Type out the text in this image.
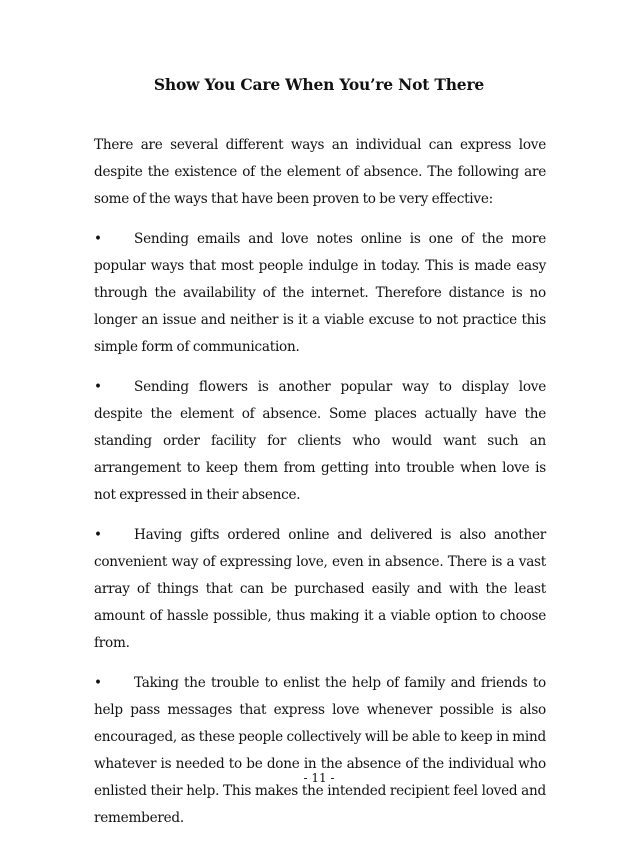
Show You Care When You’re Not There

There are several different ways an individual can express love despite the existence of the element of absence. The following are some of the ways that have been proven to be very effective:

• Sending emails and love notes online is one of the more popular ways that most people indulge in today. This is made easy through the availability of the internet. Therefore distance is no longer an issue and neither is it a viable excuse to not practice this simple form of communication.

• Sending flowers is another popular way to display love despite the element of absence. Some places actually have the standing order facility for clients who would want such an arrangement to keep them from getting into trouble when love is not expressed in their absence.

• Having gifts ordered online and delivered is also another convenient way of expressing love, even in absence. There is a vast array of things that can be purchased easily and with the least amount of hassle possible, thus making it a viable option to choose from.

• Taking the trouble to enlist the help of family and friends to help pass messages that express love whenever possible is also encouraged, as these people collectively will be able to keep in mind whatever is needed to be done in the absence of the individual who enlisted their help. This makes the intended recipient feel loved and remembered.

- 11 -
